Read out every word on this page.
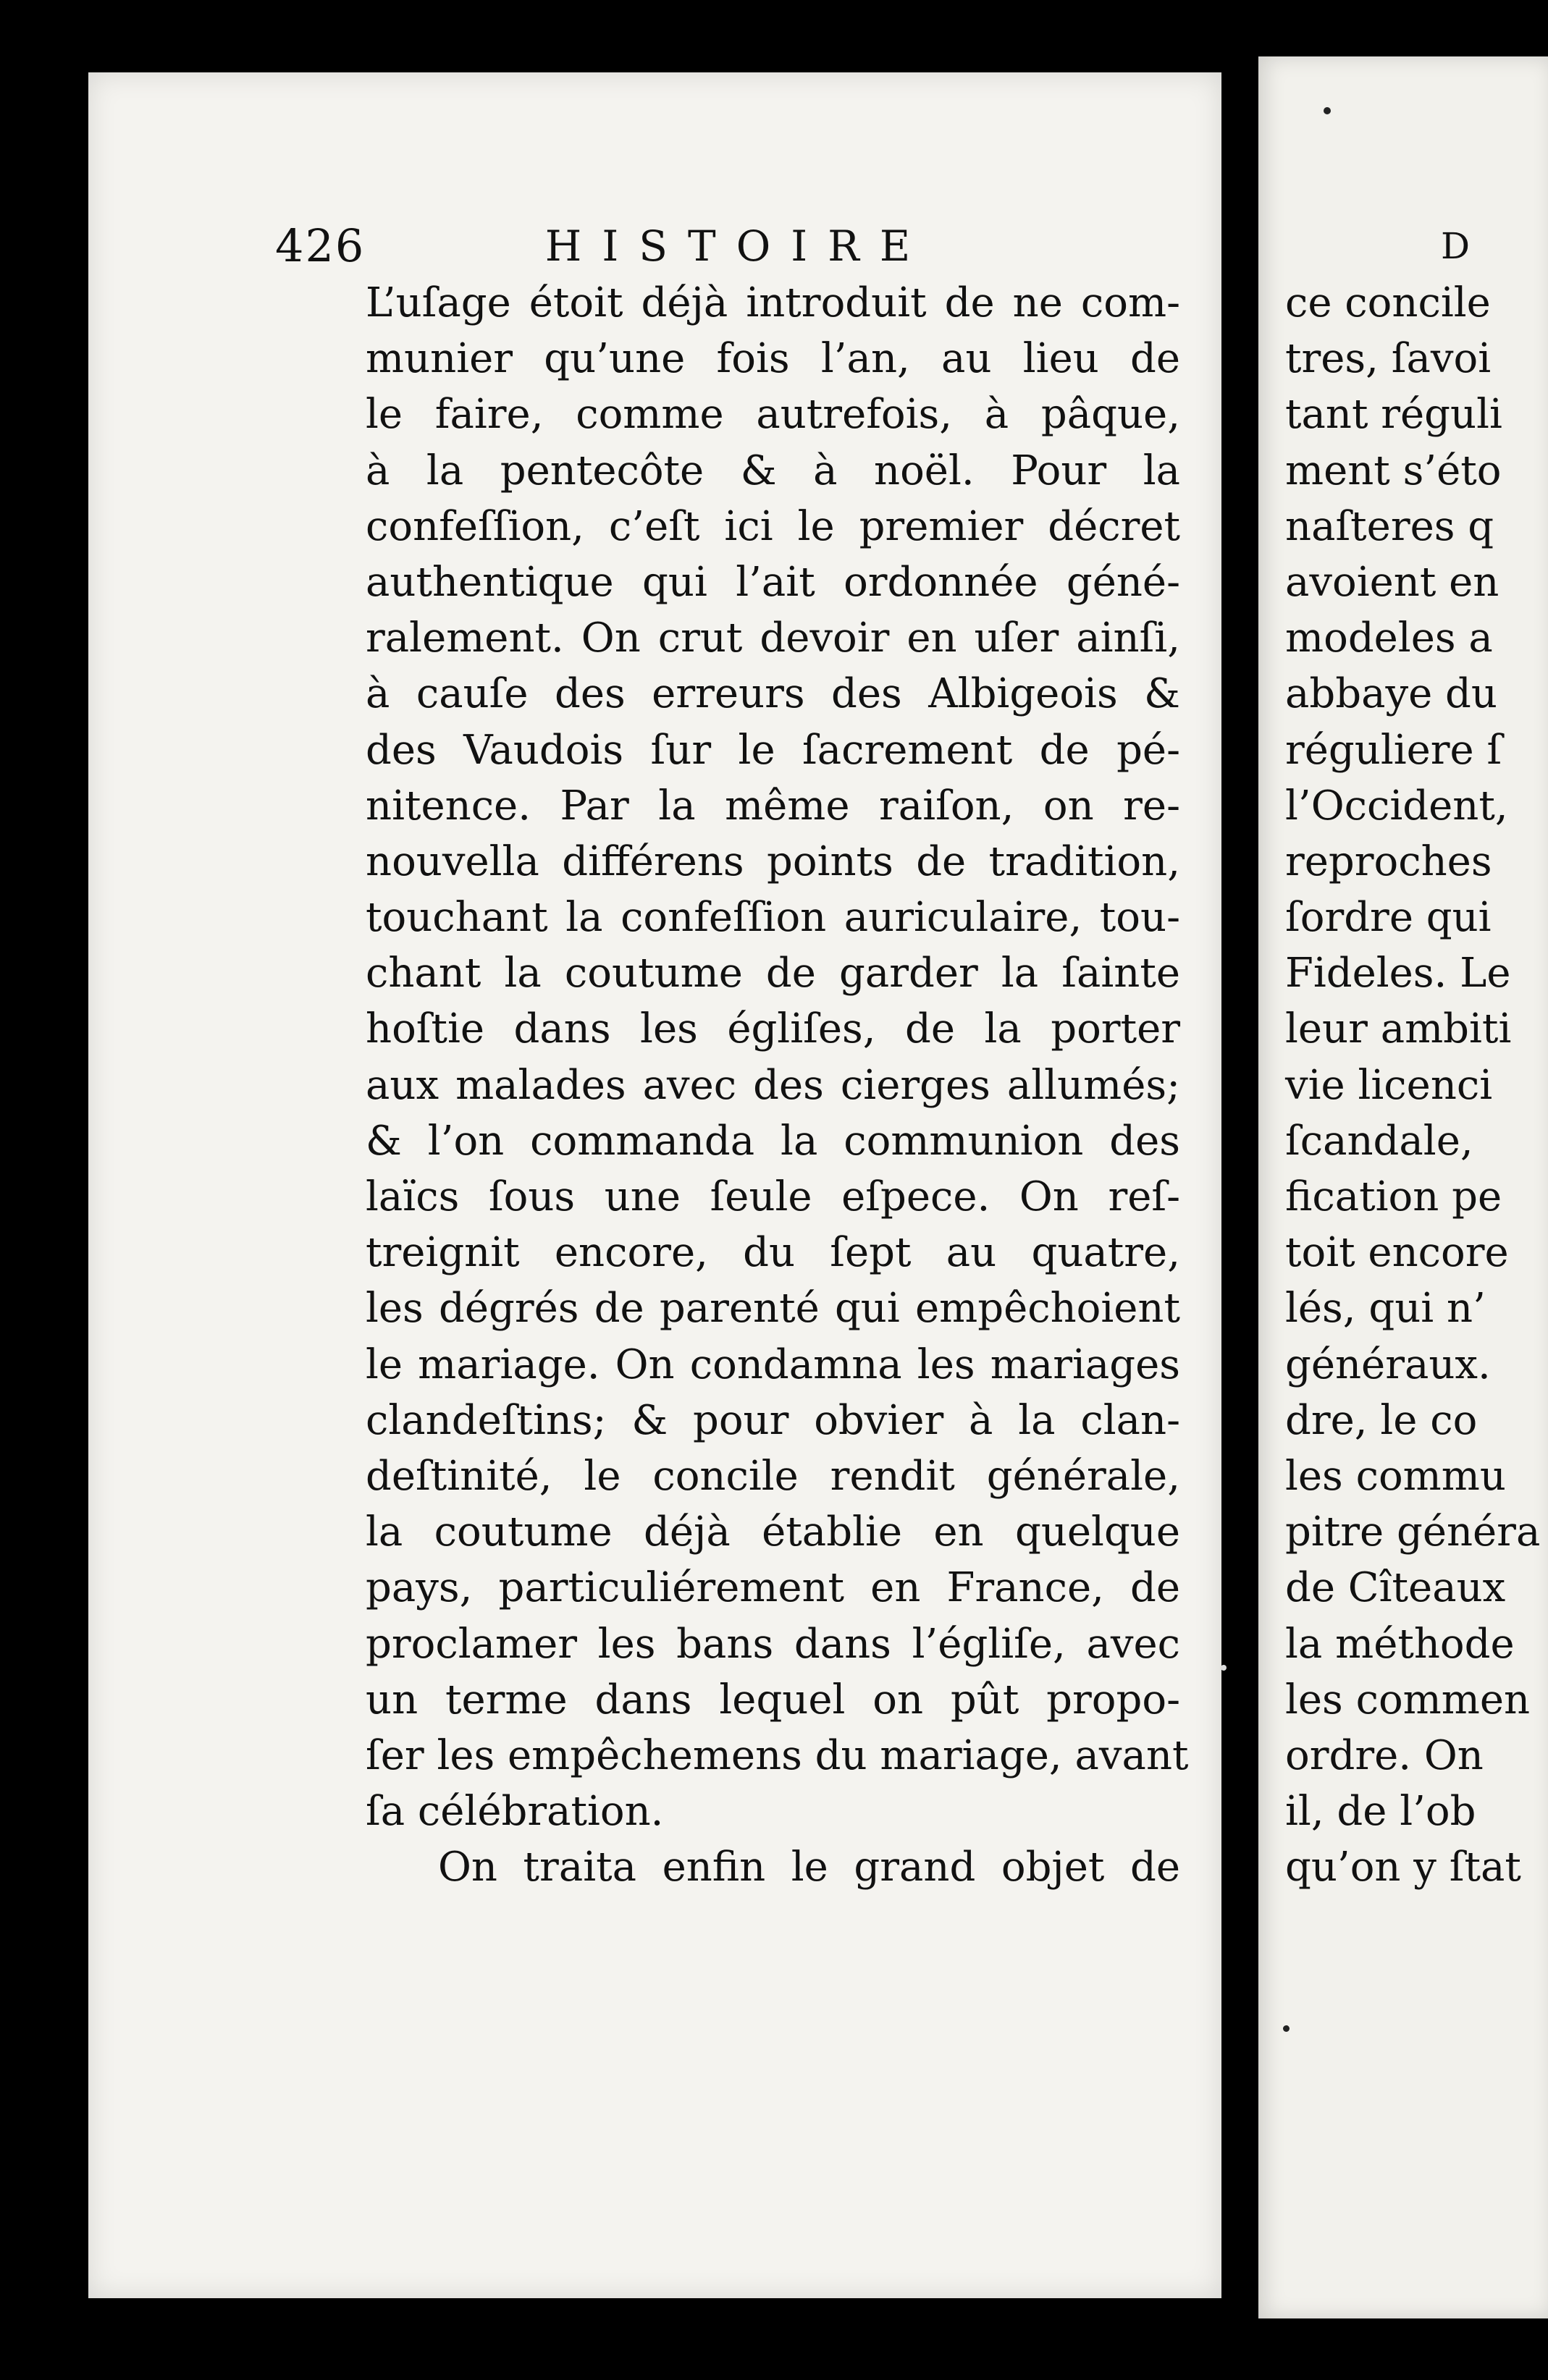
426	HISTOIRE
L’uſage étoit déjà introduit de ne com-
munier qu’une fois l’an, au lieu de
le faire, comme autrefois, à pâque,
à la pentecôte & à noël. Pour la
confeſſion, c’eſt ici le premier décret
authentique qui l’ait ordonnée géné-
ralement. On crut devoir en uſer ainſi,
à cauſe des erreurs des Albigeois &
des Vaudois ſur le ſacrement de pé-
nitence. Par la même raiſon, on re-
nouvella différens points de tradition,
touchant la confeſſion auriculaire, tou-
chant la coutume de garder la ſainte
hoſtie dans les égliſes, de la porter
aux malades avec des cierges allumés;
& l’on commanda la communion des
laïcs ſous une ſeule eſpece. On reſ-
treignit encore, du ſept au quatre,
les dégrés de parenté qui empêchoient
le mariage. On condamna les mariages
clandeſtins; & pour obvier à la clan-
deſtinité, le concile rendit générale,
la coutume déjà établie en quelque
pays, particuliérement en France, de
proclamer les bans dans l’égliſe, avec
un terme dans lequel on pût propo-
ſer les empêchemens du mariage, avant
ſa célébration.
On traita enfin le grand objet de
D
ce concile
tres, ſavoi
tant réguli
ment s’éto
naſteres q
avoient en
modeles a
abbaye du
réguliere ſ
l’Occident,
reproches
ſordre qui
Fideles. Le
leur ambiti
vie licenci
ſcandale,
fication pe
toit encore
lés, qui n’
généraux.
dre, le co
les commu
pitre généra
de Cîteaux
la méthode
les commen
ordre. On
il, de l’ob
qu’on y ſtat
